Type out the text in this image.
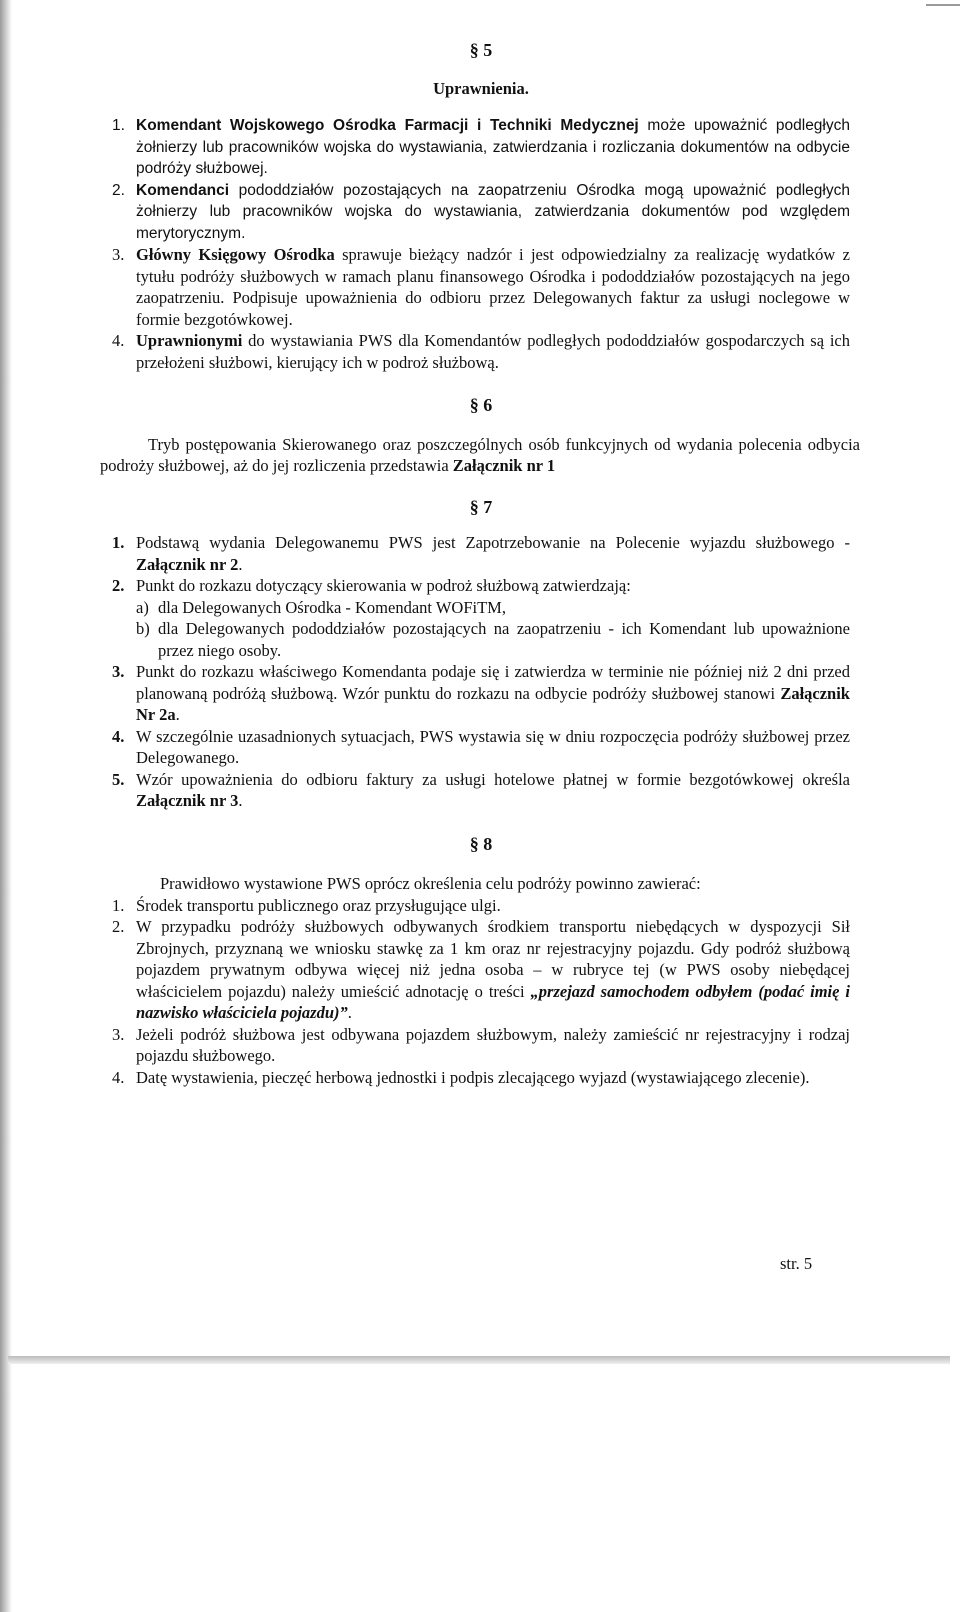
§ 5
Uprawnienia.
1. Komendant Wojskowego Ośrodka Farmacji i Techniki Medycznej może upoważnić podległych żołnierzy lub pracowników wojska do wystawiania, zatwierdzania i rozliczania dokumentów na odbycie podróży służbowej.
2. Komendanci pododdziałów pozostających na zaopatrzeniu Ośrodka mogą upoważnić podległych żołnierzy lub pracowników wojska do wystawiania, zatwierdzania dokumentów pod względem merytorycznym.
3. Główny Księgowy Ośrodka sprawuje bieżący nadzór i jest odpowiedzialny za realizację wydatków z tytułu podróży służbowych w ramach planu finansowego Ośrodka i pododdziałów pozostających na jego zaopatrzeniu. Podpisuje upoważnienia do odbioru przez Delegowanych faktur za usługi noclegowe w formie bezgotówkowej.
4. Uprawnionymi do wystawiania PWS dla Komendantów podległych pododdziałów gospodarczych są ich przełożeni służbowi, kierujący ich w podroż służbową.
§ 6
Tryb postępowania Skierowanego oraz poszczególnych osób funkcyjnych od wydania polecenia odbycia podroży służbowej, aż do jej rozliczenia przedstawia Załącznik nr 1
§ 7
1. Podstawą wydania Delegowanemu PWS jest Zapotrzebowanie na Polecenie wyjazdu służbowego - Załącznik nr 2.
2. Punkt do rozkazu dotyczący skierowania w podroż służbową zatwierdzają:
a) dla Delegowanych Ośrodka - Komendant WOFiTM,
b) dla Delegowanych pododdziałów pozostających na zaopatrzeniu - ich Komendant lub upoważnione przez niego osoby.
3. Punkt do rozkazu właściwego Komendanta podaje się i zatwierdza w terminie nie później niż 2 dni przed planowaną podróżą służbową. Wzór punktu do rozkazu na odbycie podróży służbowej stanowi Załącznik Nr 2a.
4. W szczególnie uzasadnionych sytuacjach, PWS wystawia się w dniu rozpoczęcia podróży służbowej przez Delegowanego.
5. Wzór upoważnienia do odbioru faktury za usługi hotelowe płatnej w formie bezgotówkowej określa Załącznik nr 3.
§ 8
Prawidłowo wystawione PWS oprócz określenia celu podróży powinno zawierać:
1. Środek transportu publicznego oraz przysługujące ulgi.
2. W przypadku podróży służbowych odbywanych środkiem transportu niebędących w dyspozycji Sił Zbrojnych, przyznaną we wniosku stawkę za 1 km oraz nr rejestracyjny pojazdu. Gdy podróż służbową pojazdem prywatnym odbywa więcej niż jedna osoba – w rubryce tej (w PWS osoby niebędącej właścicielem pojazdu) należy umieścić adnotację o treści „przejazd samochodem odbyłem (podać imię i nazwisko właściciela pojazdu)”.
3. Jeżeli podróż służbowa jest odbywana pojazdem służbowym, należy zamieścić nr rejestracyjny i rodzaj pojazdu służbowego.
4. Datę wystawienia, pieczęć herbową jednostki i podpis zlecającego wyjazd (wystawiającego zlecenie).
str. 5
